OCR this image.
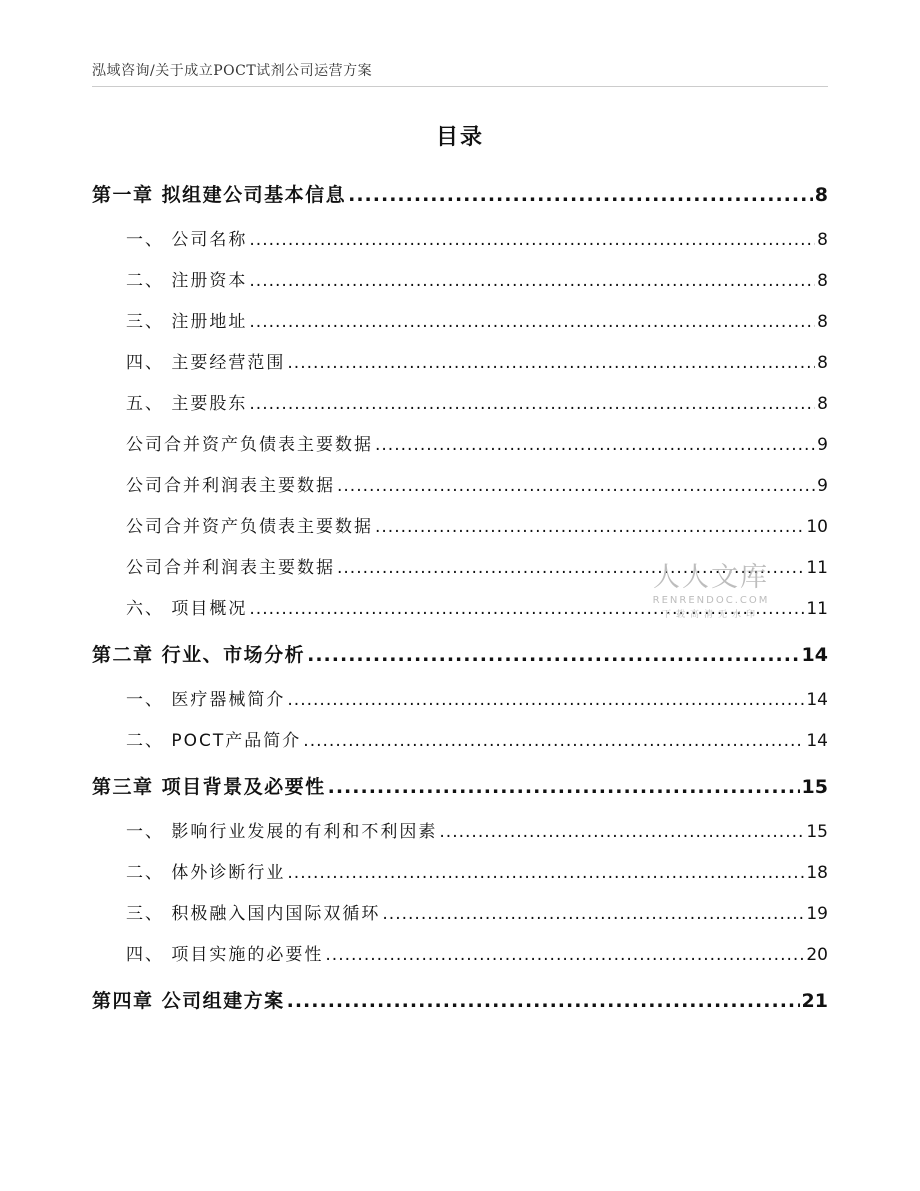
泓域咨询/关于成立POCT试剂公司运营方案
目录
第一章 拟组建公司基本信息 .....	8
一、 公司名称 .....	8
二、 注册资本 .....	8
三、 注册地址 .....	8
四、 主要经营范围 .....	8
五、 主要股东 .....	8
公司合并资产负债表主要数据 .....	9
公司合并利润表主要数据 .....	9
公司合并资产负债表主要数据 .....	10
公司合并利润表主要数据 .....	11
六、 项目概况 .....	11
第二章 行业、市场分析 .....	14
一、 医疗器械简介 .....	14
二、 POCT产品简介 .....	14
第三章 项目背景及必要性 .....	15
一、 影响行业发展的有利和不利因素 .....	15
二、 体外诊断行业 .....	18
三、 积极融入国内国际双循环 .....	19
四、 项目实施的必要性 .....	20
第四章 公司组建方案 .....	21
人人文库
RENRENDOC.COM
下载高清无水印
